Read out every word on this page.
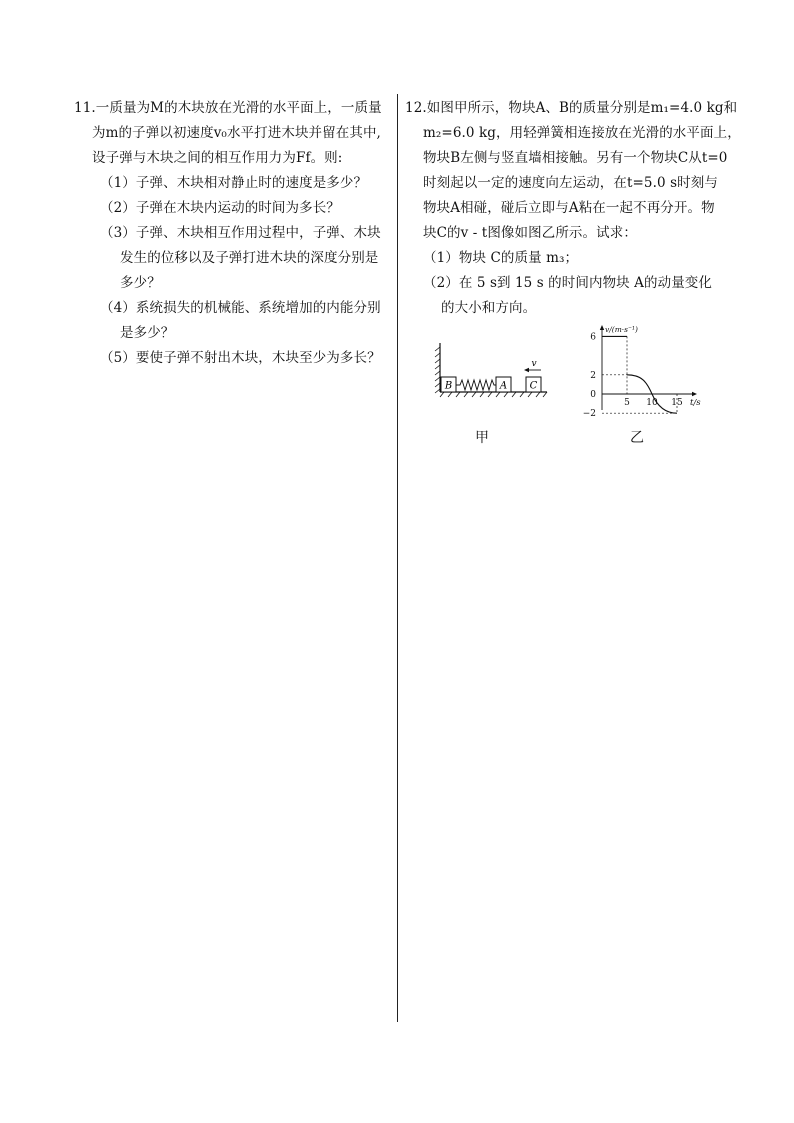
11.一质量为M的木块放在光滑的水平面上，一质量
为m的子弹以初速度v₀水平打进木块并留在其中,
设子弹与木块之间的相互作用力为Ff。则:
（1）子弹、木块相对静止时的速度是多少？
（2）子弹在木块内运动的时间为多长？
（3）子弹、木块相互作用过程中，子弹、木块
发生的位移以及子弹打进木块的深度分别是
多少？
（4）系统损失的机械能、系统增加的内能分别
是多少？
（5）要使子弹不射出木块，木块至少为多长？
12.如图甲所示，物块A、B的质量分别是m₁=4.0 kg和
m₂=6.0 kg，用轻弹簧相连接放在光滑的水平面上，
物块B左侧与竖直墙相接触。另有一个物块C从t=0
时刻起以一定的速度向左运动，在t=5.0 s时刻与
物块A相碰，碰后立即与A粘在一起不再分开。物
块C的v - t图像如图乙所示。试求：
（1）物块 C的质量 m₃；
（2）在 5 s到 15 s 的时间内物块 A的动量变化
的大小和方向。
B	A C
v
甲
v/(m·s⁻¹)
t/s
6
2
0
−2
5 10 15
乙
